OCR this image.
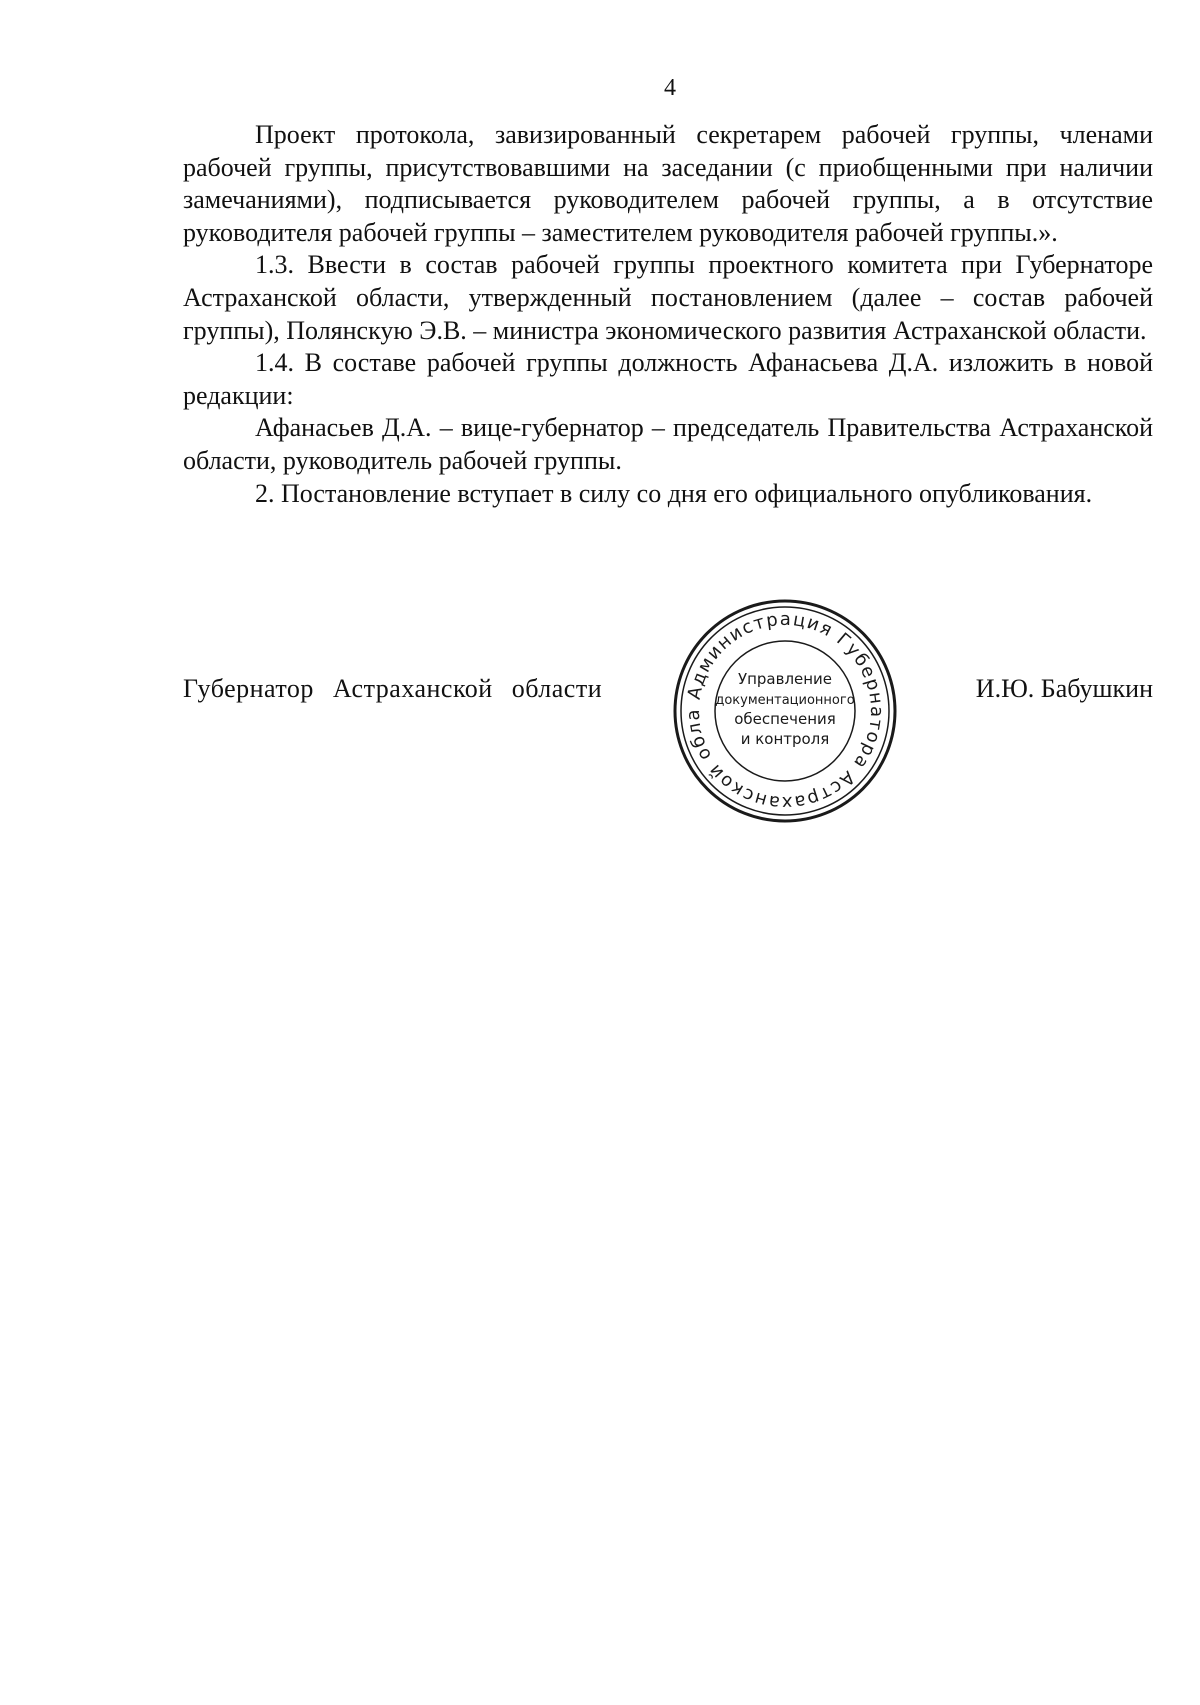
4

Проект протокола, завизированный секретарем рабочей группы, членами рабочей группы, присутствовавшими на заседании (с приобщенными при наличии замечаниями), подписывается руководителем рабочей группы, а в отсутствие руководителя рабочей группы – заместителем руководителя рабочей группы.».

1.3. Ввести в состав рабочей группы проектного комитета при Губернаторе Астраханской области, утвержденный постановлением (далее – состав рабочей группы), Полянскую Э.В. – министра экономического развития Астраханской области.

1.4. В составе рабочей группы должность Афанасьева Д.А. изложить в новой редакции:

Афанасьев Д.А. – вице-губернатор – председатель Правительства Астраханской области, руководитель рабочей группы.

2. Постановление вступает в силу со дня его официального опубликования.

Губернатор Астраханской области	И.Ю. Бабушкин
Администрация Губернатора Астраханской обла
Управление
документационного
обеспечения
и контроля
